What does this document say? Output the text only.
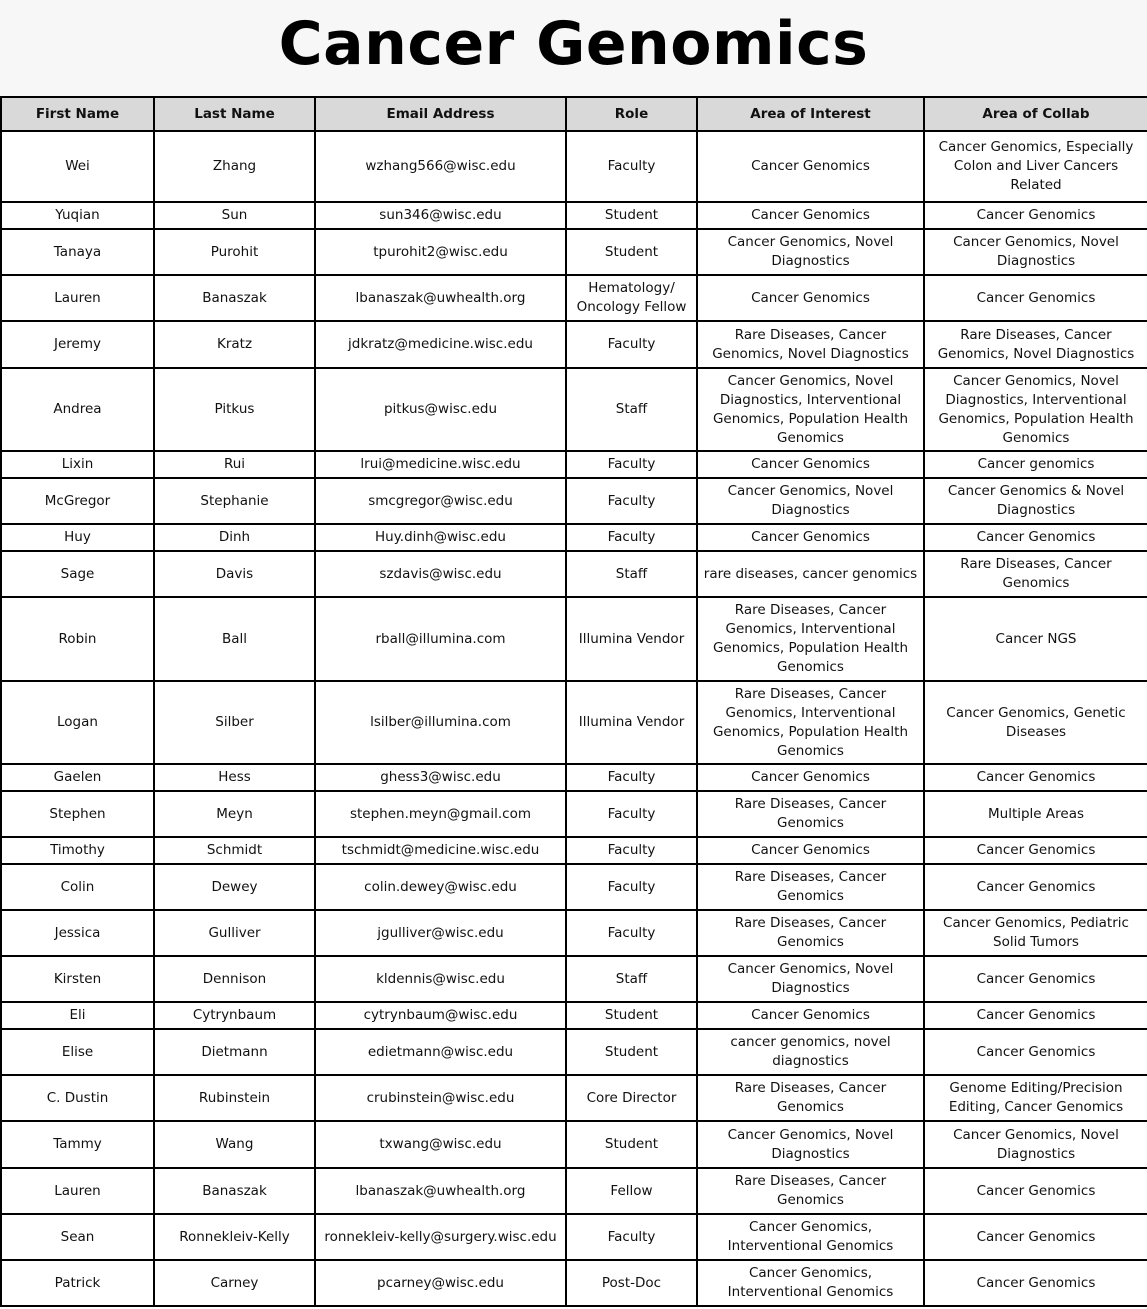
Cancer Genomics
First Name	Last Name	Email Address	Role	Area of Interest	Area of Collab
Wei	Zhang	wzhang566@wisc.edu	Faculty	Cancer Genomics	Cancer Genomics, Especially Colon and Liver Cancers Related
Yuqian	Sun	sun346@wisc.edu	Student	Cancer Genomics	Cancer Genomics
Tanaya	Purohit	tpurohit2@wisc.edu	Student	Cancer Genomics, Novel Diagnostics	Cancer Genomics, Novel Diagnostics
Lauren	Banaszak	lbanaszak@uwhealth.org	Hematology/ Oncology Fellow	Cancer Genomics	Cancer Genomics
Jeremy	Kratz	jdkratz@medicine.wisc.edu	Faculty	Rare Diseases, Cancer Genomics, Novel Diagnostics	Rare Diseases, Cancer Genomics, Novel Diagnostics
Andrea	Pitkus	pitkus@wisc.edu	Staff	Cancer Genomics, Novel Diagnostics, Interventional Genomics, Population Health Genomics	Cancer Genomics, Novel Diagnostics, Interventional Genomics, Population Health Genomics
Lixin	Rui	lrui@medicine.wisc.edu	Faculty	Cancer Genomics	Cancer genomics
McGregor	Stephanie	smcgregor@wisc.edu	Faculty	Cancer Genomics, Novel Diagnostics	Cancer Genomics & Novel Diagnostics
Huy	Dinh	Huy.dinh@wisc.edu	Faculty	Cancer Genomics	Cancer Genomics
Sage	Davis	szdavis@wisc.edu	Staff	rare diseases, cancer genomics	Rare Diseases, Cancer Genomics
Robin	Ball	rball@illumina.com	Illumina Vendor	Rare Diseases, Cancer Genomics, Interventional Genomics, Population Health Genomics	Cancer NGS
Logan	Silber	lsilber@illumina.com	Illumina Vendor	Rare Diseases, Cancer Genomics, Interventional Genomics, Population Health Genomics	Cancer Genomics, Genetic Diseases
Gaelen	Hess	ghess3@wisc.edu	Faculty	Cancer Genomics	Cancer Genomics
Stephen	Meyn	stephen.meyn@gmail.com	Faculty	Rare Diseases, Cancer Genomics	Multiple Areas
Timothy	Schmidt	tschmidt@medicine.wisc.edu	Faculty	Cancer Genomics	Cancer Genomics
Colin	Dewey	colin.dewey@wisc.edu	Faculty	Rare Diseases, Cancer Genomics	Cancer Genomics
Jessica	Gulliver	jgulliver@wisc.edu	Faculty	Rare Diseases, Cancer Genomics	Cancer Genomics, Pediatric Solid Tumors
Kirsten	Dennison	kldennis@wisc.edu	Staff	Cancer Genomics, Novel Diagnostics	Cancer Genomics
Eli	Cytrynbaum	cytrynbaum@wisc.edu	Student	Cancer Genomics	Cancer Genomics
Elise	Dietmann	edietmann@wisc.edu	Student	cancer genomics, novel diagnostics	Cancer Genomics
C. Dustin	Rubinstein	crubinstein@wisc.edu	Core Director	Rare Diseases, Cancer Genomics	Genome Editing/Precision Editing, Cancer Genomics
Tammy	Wang	txwang@wisc.edu	Student	Cancer Genomics, Novel Diagnostics	Cancer Genomics, Novel Diagnostics
Lauren	Banaszak	lbanaszak@uwhealth.org	Fellow	Rare Diseases, Cancer Genomics	Cancer Genomics
Sean	Ronnekleiv-Kelly	ronnekleiv-kelly@surgery.wisc.edu	Faculty	Cancer Genomics, Interventional Genomics	Cancer Genomics
Patrick	Carney	pcarney@wisc.edu	Post-Doc	Cancer Genomics, Interventional Genomics	Cancer Genomics
